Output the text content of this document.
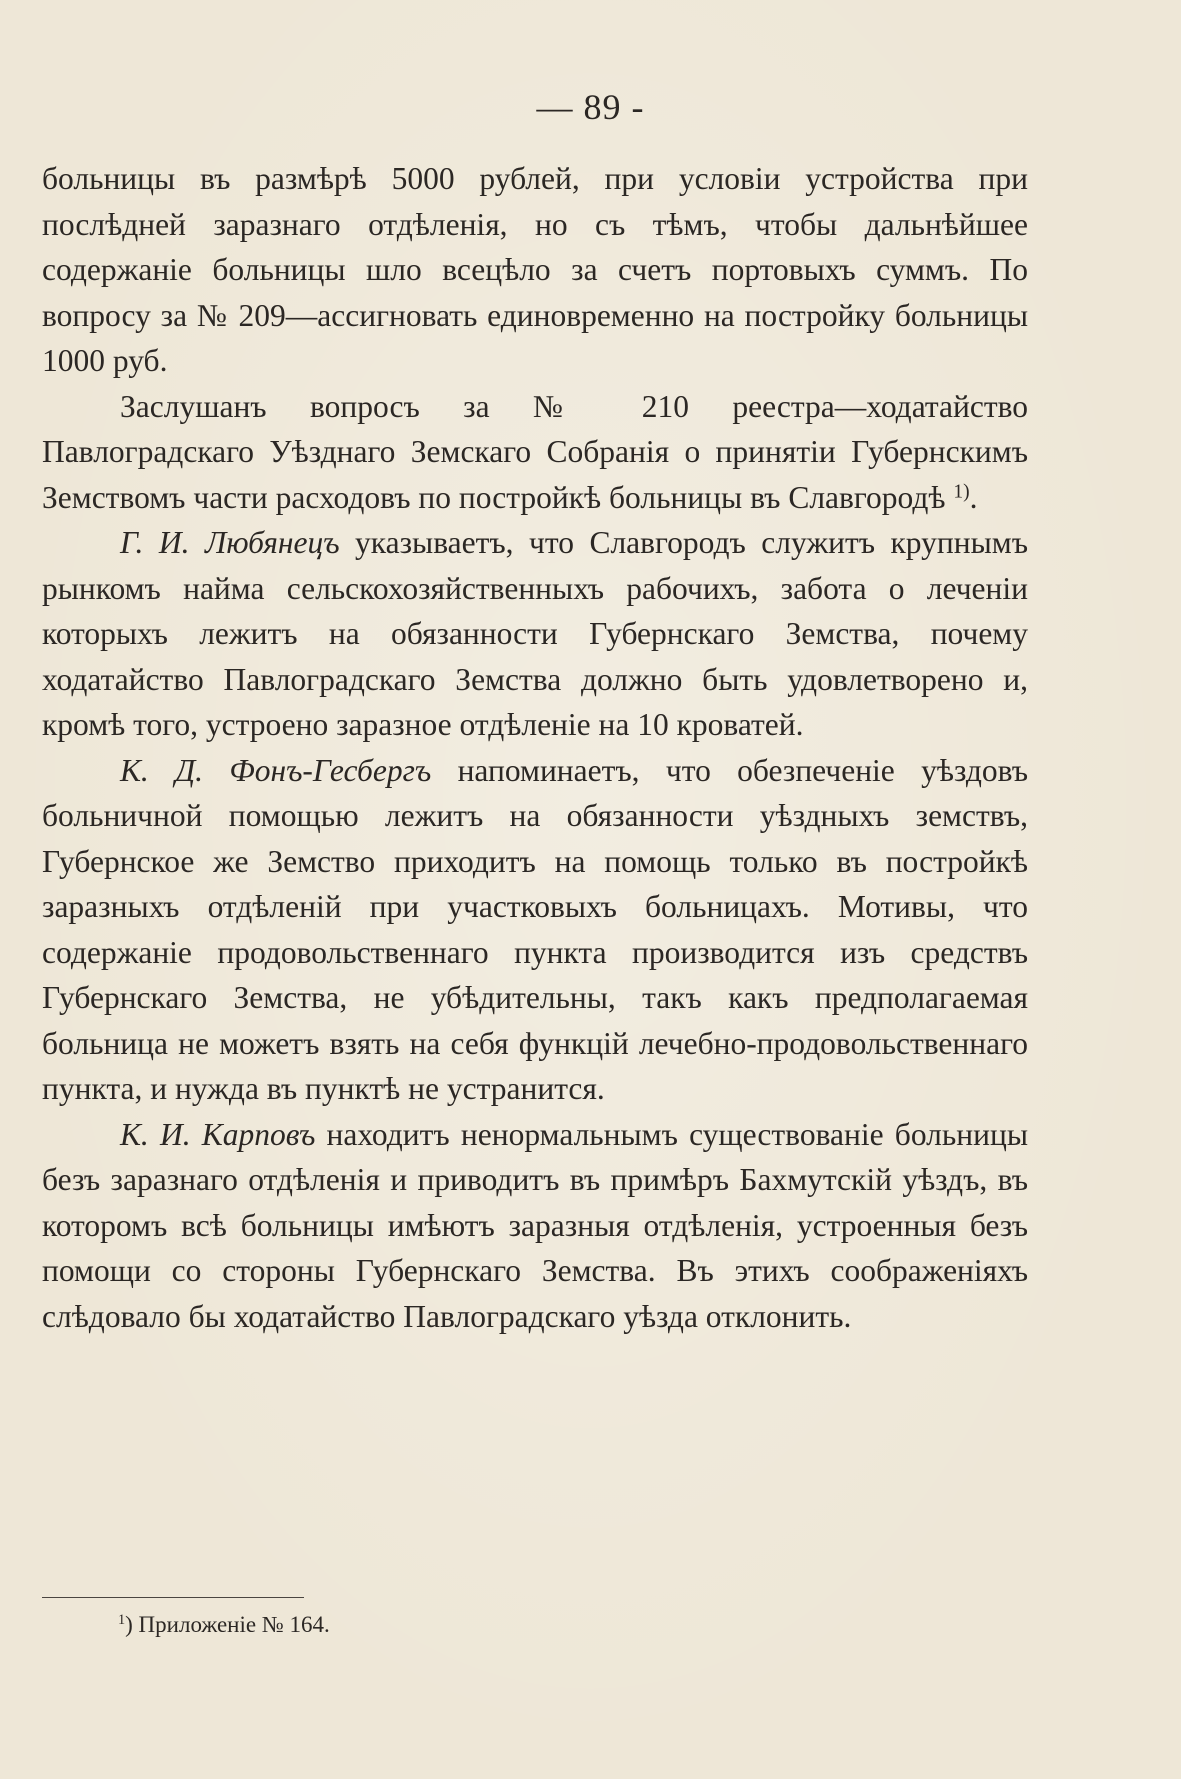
— 89 -

больницы въ размѣрѣ 5000 рублей, при условіи устройства при послѣдней заразнаго отдѣленія, но съ тѣмъ, чтобы дальнѣйшее содержаніе больницы шло всецѣло за счетъ портовыхъ суммъ. По вопросу за № 209—ассигновать единовременно на постройку больницы 1000 руб.

Заслушанъ вопросъ за № 210 реестра—ходатайство Павлоградскаго Уѣзднаго Земскаго Собранія о принятіи Губернскимъ Земствомъ части расходовъ по постройкѣ больницы въ Славгородѣ $^{1)}$.

Г. И. Любянецъ указываетъ, что Славгородъ служитъ крупнымъ рынкомъ найма сельскохозяйственныхъ рабочихъ, забота о леченіи которыхъ лежитъ на обязанности Губернскаго Земства, почему ходатайство Павлоградскаго Земства должно быть удовлетворено и, кромѣ того, устроено заразное отдѣленіе на 10 кроватей.

К. Д. Фонъ-Гесбергъ напоминаетъ, что обезпеченіе уѣздовъ больничной помощью лежитъ на обязанности уѣздныхъ земствъ, Губернское же Земство приходитъ на помощь только въ постройкѣ заразныхъ отдѣленій при участковыхъ больницахъ. Мотивы, что содержаніе продовольственнаго пункта производится изъ средствъ Губернскаго Земства, не убѣдительны, такъ какъ предполагаемая больница не можетъ взять на себя функцій лечебно-продовольственнаго пункта, и нужда въ пунктѣ не устранится.

К. И. Карповъ находитъ ненормальнымъ существованіе больницы безъ заразнаго отдѣленія и приводитъ въ примѣръ Бахмутскій уѣздъ, въ которомъ всѣ больницы имѣютъ заразныя отдѣленія, устроенныя безъ помощи со стороны Губернскаго Земства. Въ этихъ соображеніяхъ слѣдовало бы ходатайство Павлоградскаго уѣзда отклонить.

$^1$) Приложеніе № 164.
